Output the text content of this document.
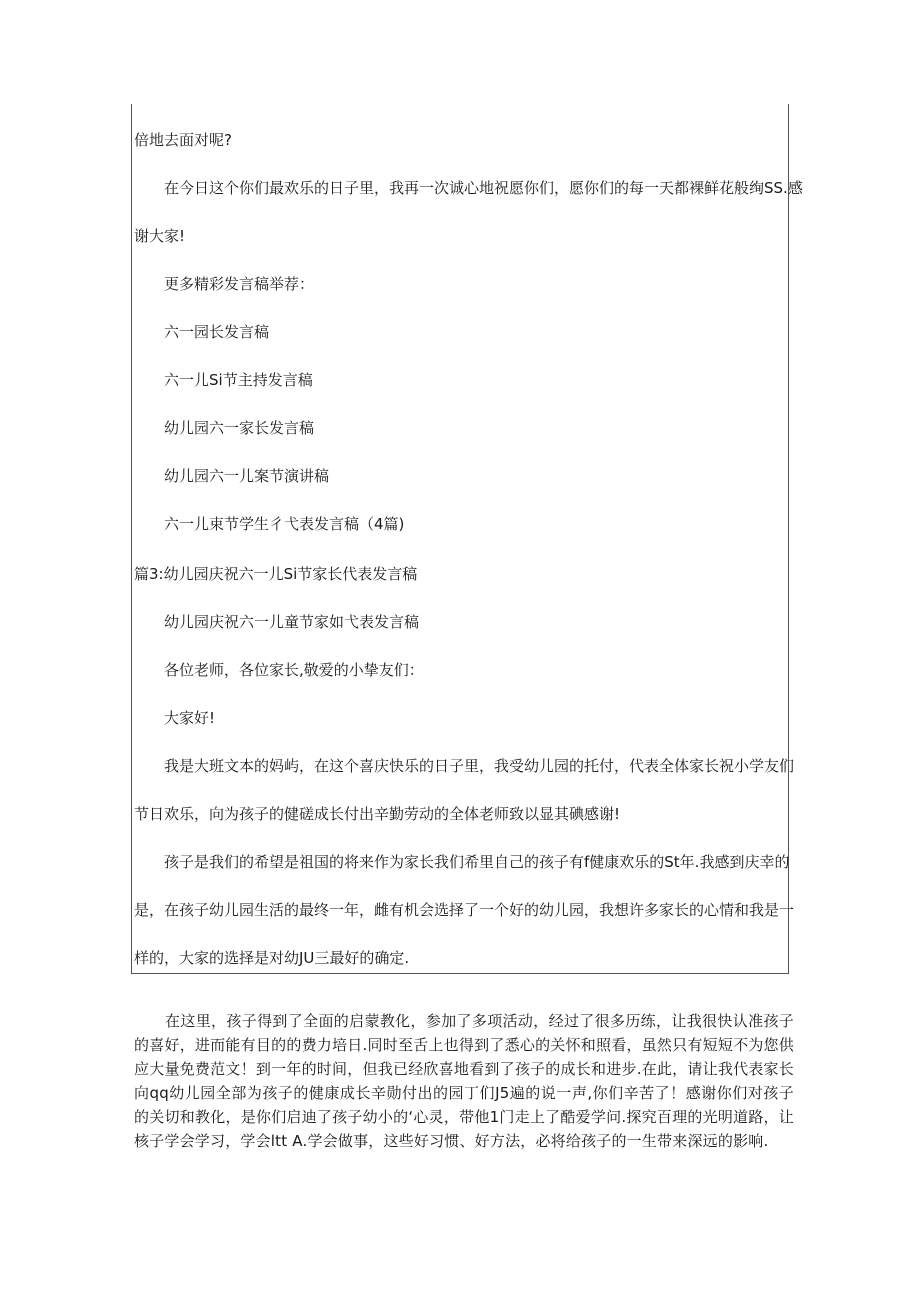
倍地去面对呢?
在今日这个你们最欢乐的日子里，我再一次诚心地祝愿你们，愿你们的每一天都裸鲜花般绚SS.感
谢大家!
更多精彩发言稿举荐：
六一园长发言稿
六一儿Si节主持发言稿
幼儿园六一家长发言稿
幼儿园六一儿案节演讲稿
六一儿束节学生彳弋表发言稿（4篇)
篇3:幼儿园庆祝六一儿Si节家长代表发言稿
幼儿园庆祝六一儿童节家如弋表发言稿
各位老师，各位家长,敬爱的小挚友们：
大家好!
我是大班文本的妈屿，在这个喜庆快乐的日子里，我受幼儿园的托付，代表全体家长祝小学友们
节日欢乐，向为孩子的健磋成长付出辛勤劳动的全体老师致以显其碘感谢!
孩子是我们的希望是祖国的将来作为家长我们希里自己的孩子有f健康欢乐的St年.我感到庆幸的
是，在孩子幼儿园生活的最终一年，雌有机会选择了一个好的幼儿园，我想许多家长的心情和我是一
样的，大家的选择是对幼JU三最好的确定.

在这里，孩子得到了全面的启蒙教化，参加了多项活动，经过了很多历练，让我很快认准孩子的喜好，进而能有目的的费力培日.同时至舌上也得到了悉心的关怀和照看，虽然只有短短不为您供应大量免费范文！到一年的时间，但我已经欣喜地看到了孩子的成长和进步.在此，请让我代表家长向qq幼儿园全部为孩子的健康成长辛勋付出的园丁们J5遍的说一声,你们辛苦了！感谢你们对孩子的关切和教化，是你们启迪了孩子幼小的‘心灵，带他1门走上了酷爱学问.探究百理的光明道路，让核子学会学习，学会ltt A.学会做事，这些好习惯、好方法，必将给孩子的一生带来深远的影响.
